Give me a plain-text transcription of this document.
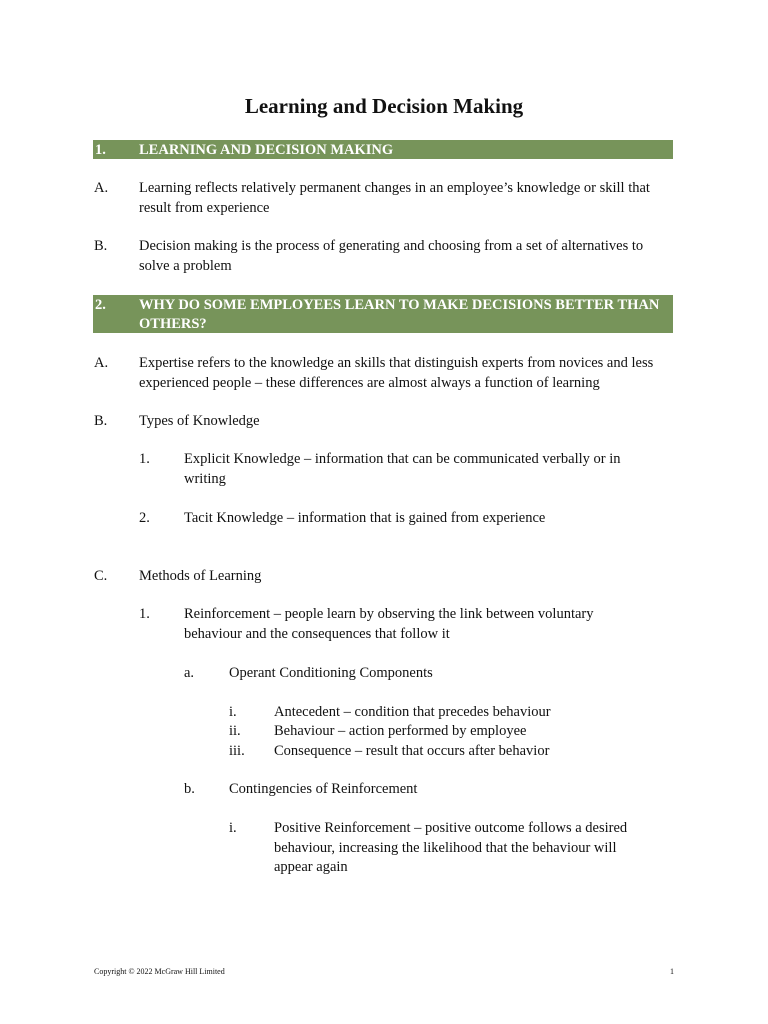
Learning and Decision Making
1. LEARNING AND DECISION MAKING
A. Learning reflects relatively permanent changes in an employee’s knowledge or skill that result from experience
B. Decision making is the process of generating and choosing from a set of alternatives to solve a problem
2. WHY DO SOME EMPLOYEES LEARN TO MAKE DECISIONS BETTER THAN OTHERS?
A. Expertise refers to the knowledge an skills that distinguish experts from novices and less experienced people – these differences are almost always a function of learning
B. Types of Knowledge
1. Explicit Knowledge – information that can be communicated verbally or in writing
2. Tacit Knowledge – information that is gained from experience
C. Methods of Learning
1. Reinforcement – people learn by observing the link between voluntary behaviour and the consequences that follow it
a. Operant Conditioning Components
i.	Antecedent – condition that precedes behaviour
ii. Behaviour – action performed by employee
iii. Consequence – result that occurs after behavior
b. Contingencies of Reinforcement
i.	Positive Reinforcement – positive outcome follows a desired behaviour, increasing the likelihood that the behaviour will appear again
Copyright © 2022 McGraw Hill Limited	1
